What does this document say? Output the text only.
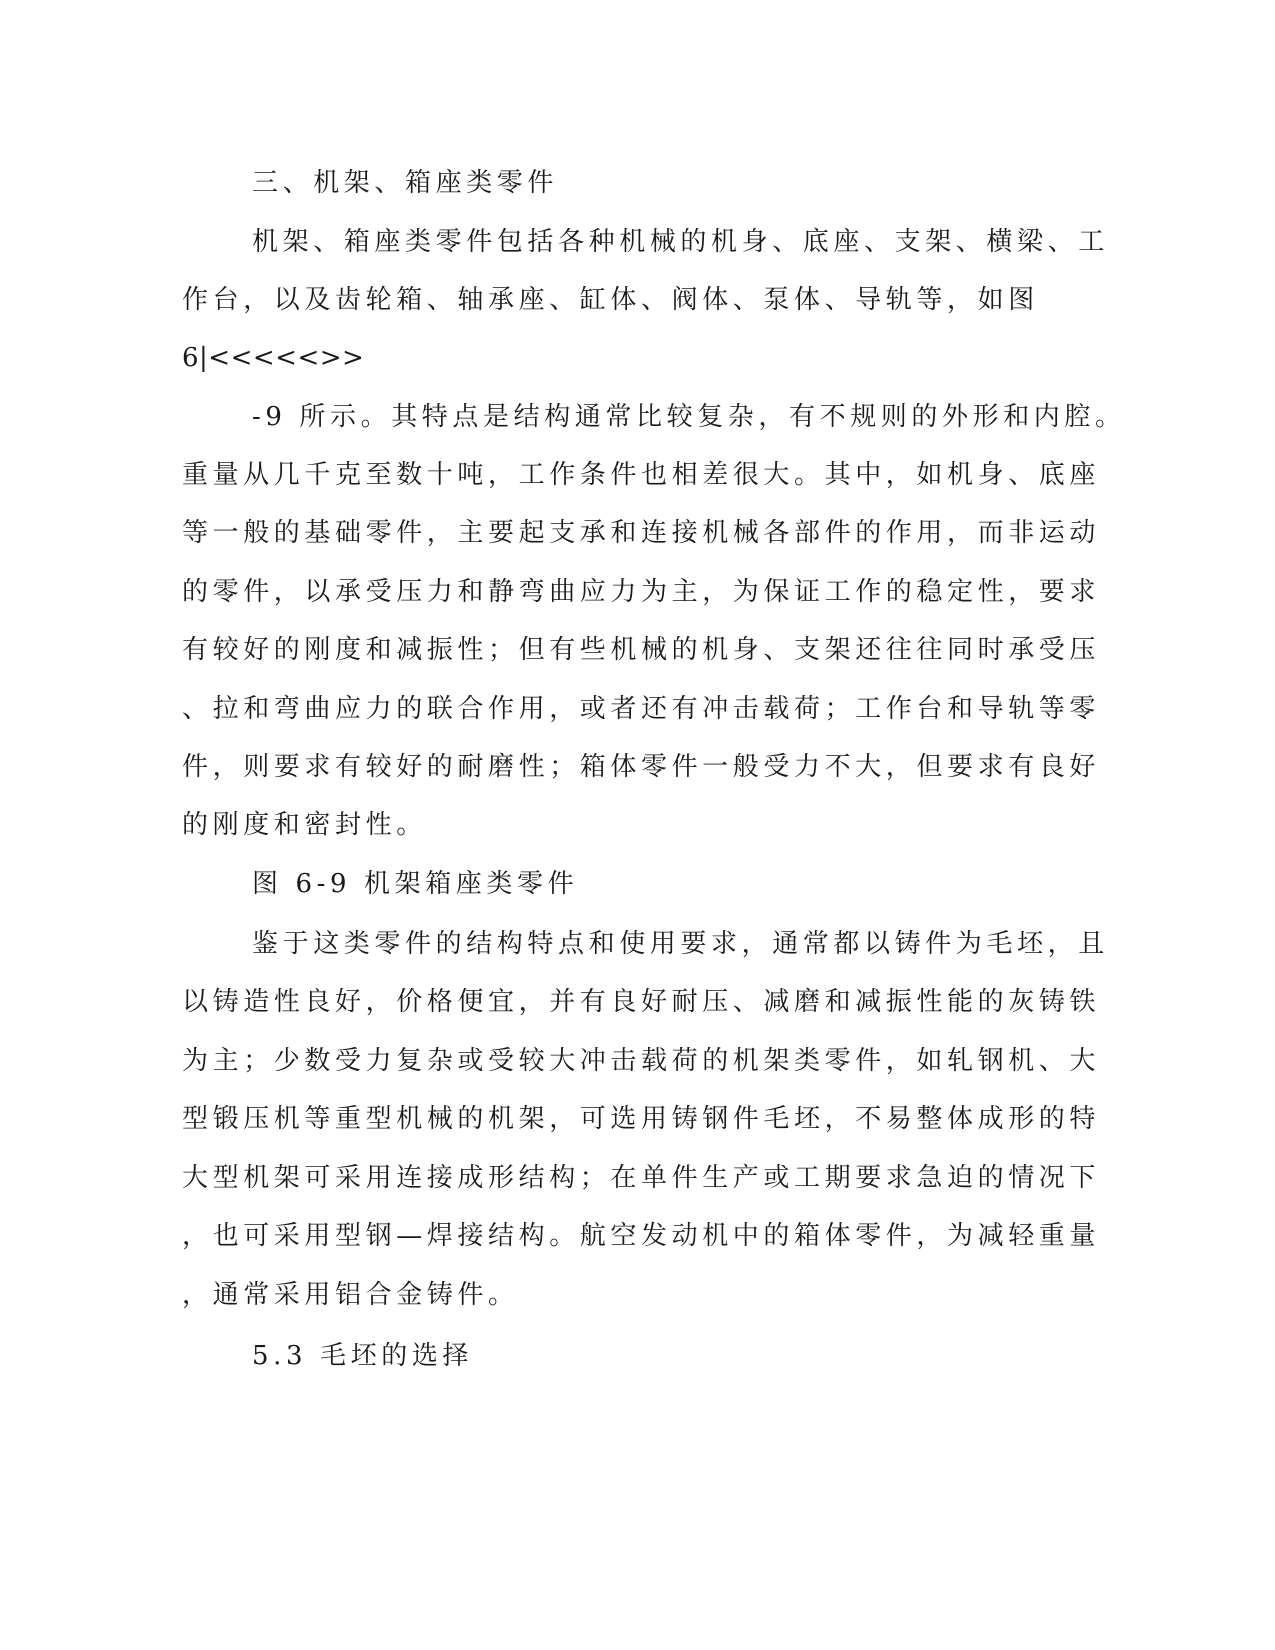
三、机架、箱座类零件
机架、箱座类零件包括各种机械的机身、底座、支架、横梁、工
作台，以及齿轮箱、轴承座、缸体、阀体、泵体、导轨等，如图
6|<<<<<>>
-9 所示。其特点是结构通常比较复杂，有不规则的外形和内腔。
重量从几千克至数十吨，工作条件也相差很大。其中，如机身、底座
等一般的基础零件，主要起支承和连接机械各部件的作用，而非运动
的零件，以承受压力和静弯曲应力为主，为保证工作的稳定性，要求
有较好的刚度和减振性；但有些机械的机身、支架还往往同时承受压
、拉和弯曲应力的联合作用，或者还有冲击载荷；工作台和导轨等零
件，则要求有较好的耐磨性；箱体零件一般受力不大，但要求有良好
的刚度和密封性。
图 6-9 机架箱座类零件
鉴于这类零件的结构特点和使用要求，通常都以铸件为毛坯，且
以铸造性良好，价格便宜，并有良好耐压、减磨和减振性能的灰铸铁
为主；少数受力复杂或受较大冲击载荷的机架类零件，如轧钢机、大
型锻压机等重型机械的机架，可选用铸钢件毛坯，不易整体成形的特
大型机架可采用连接成形结构；在单件生产或工期要求急迫的情况下
，也可采用型钢—焊接结构。航空发动机中的箱体零件，为减轻重量
，通常采用铝合金铸件。
5.3 毛坯的选择
